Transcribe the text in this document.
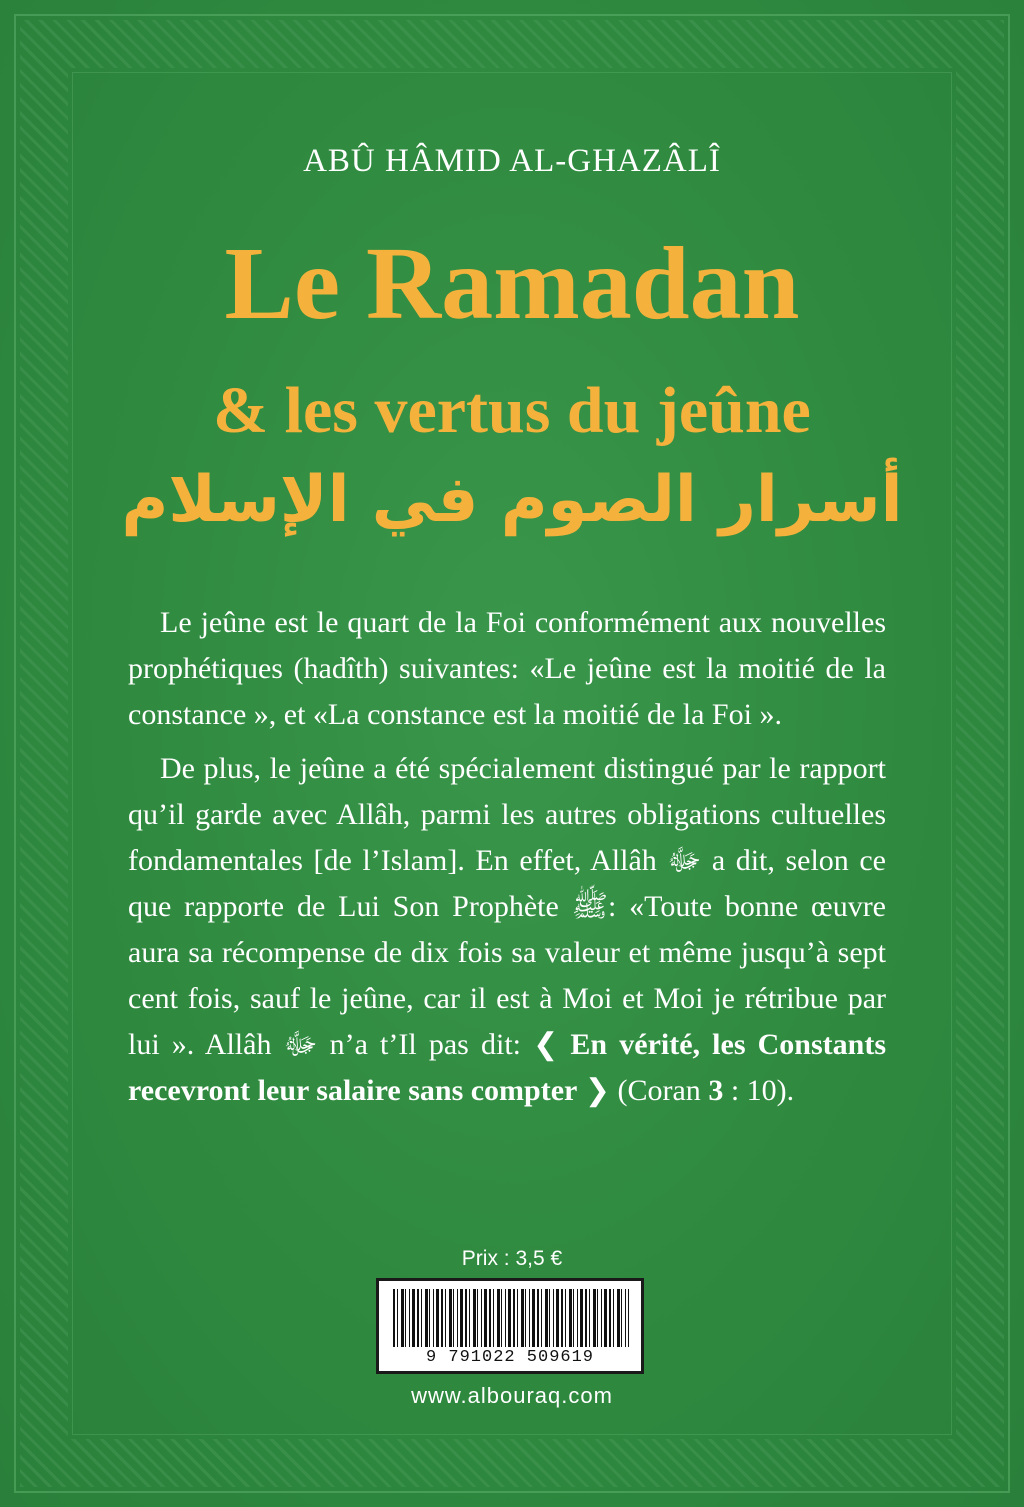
ABÛ HÂMID AL-GHAZÂLÎ
Le Ramadan
& les vertus du jeûne
أسرار الصوم في الإسلام

Le jeûne est le quart de la Foi conformément aux nouvelles prophétiques (hadîth) suivantes: «Le jeûne est la moitié de la constance », et «La constance est la moitié de la Foi ».

De plus, le jeûne a été spécialement distingué par le rapport qu’il garde avec Allâh, parmi les autres obligations cultuelles fondamentales [de l’Islam]. En effet, Allâh ﷻ a dit, selon ce que rapporte de Lui Son Prophète ﷺ: «Toute bonne œuvre aura sa récompense de dix fois sa valeur et même jusqu’à sept cent fois, sauf le jeûne, car il est à Moi et Moi je rétribue par lui ». Allâh ﷻ n’a t’Il pas dit: ❮ En vérité, les Constants recevront leur salaire sans compter ❯ (Coran 3 : 10).

Prix : 3,5 €
9 791022 509619
www.albouraq.com
